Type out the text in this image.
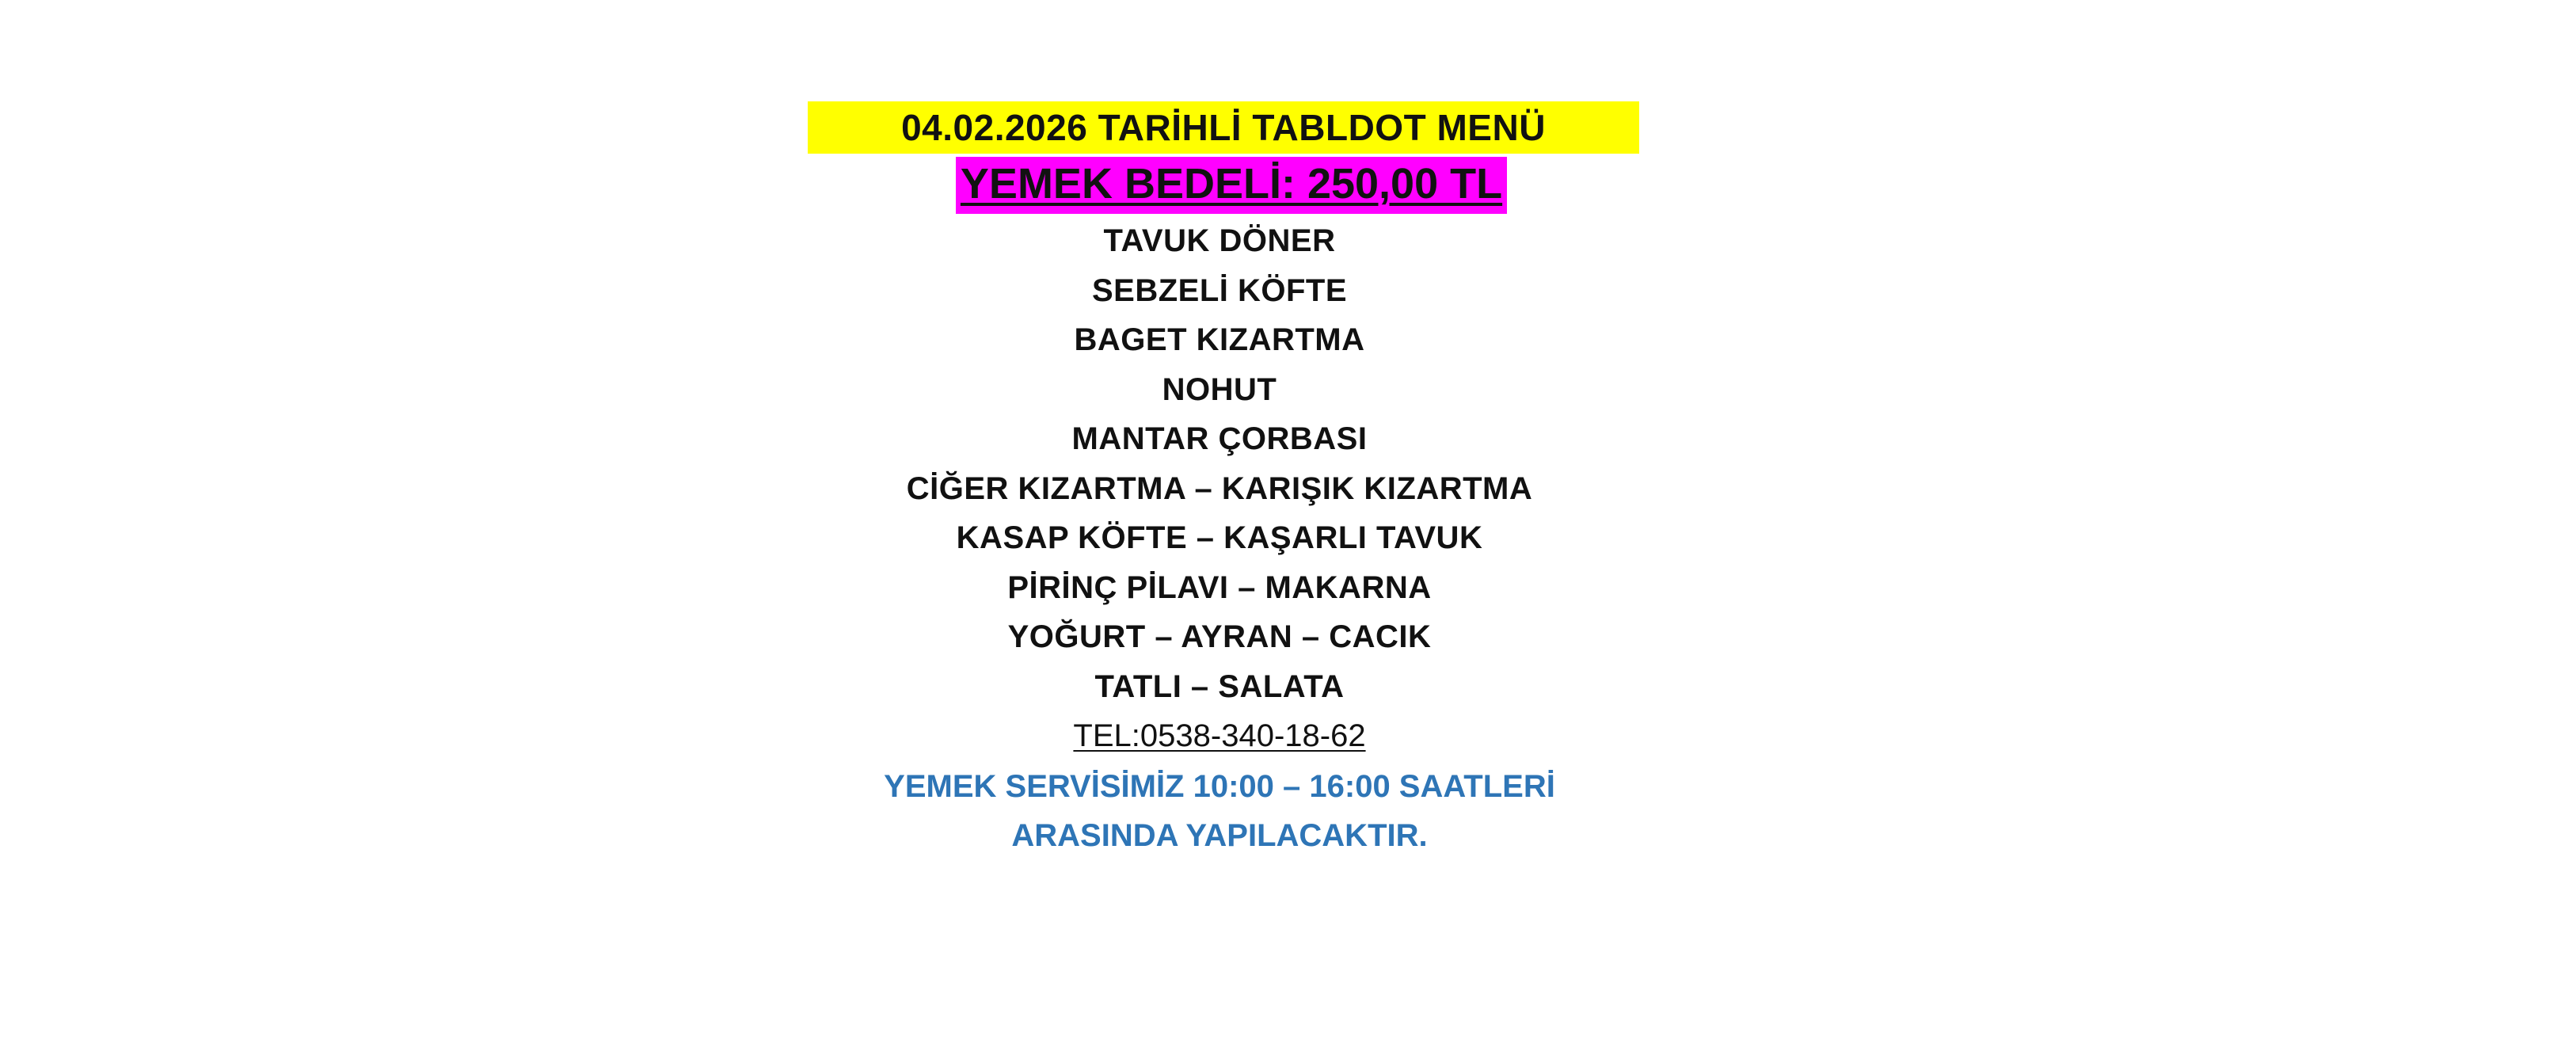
04.02.2026 TARİHLİ TABLDOT MENÜ
YEMEK BEDELİ: 250,00 TL
TAVUK DÖNER
SEBZELİ KÖFTE
BAGET KIZARTMA
NOHUT
MANTAR ÇORBASI
CİĞER KIZARTMA – KARIŞIK KIZARTMA
KASAP KÖFTE – KAŞARLI TAVUK
PİRİNÇ PİLAVI – MAKARNA
YOĞURT – AYRAN – CACIK
TATLI – SALATA
TEL:0538-340-18-62
YEMEK SERVİSİMİZ 10:00 – 16:00 SAATLERİ
ARASINDA YAPILACAKTIR.
